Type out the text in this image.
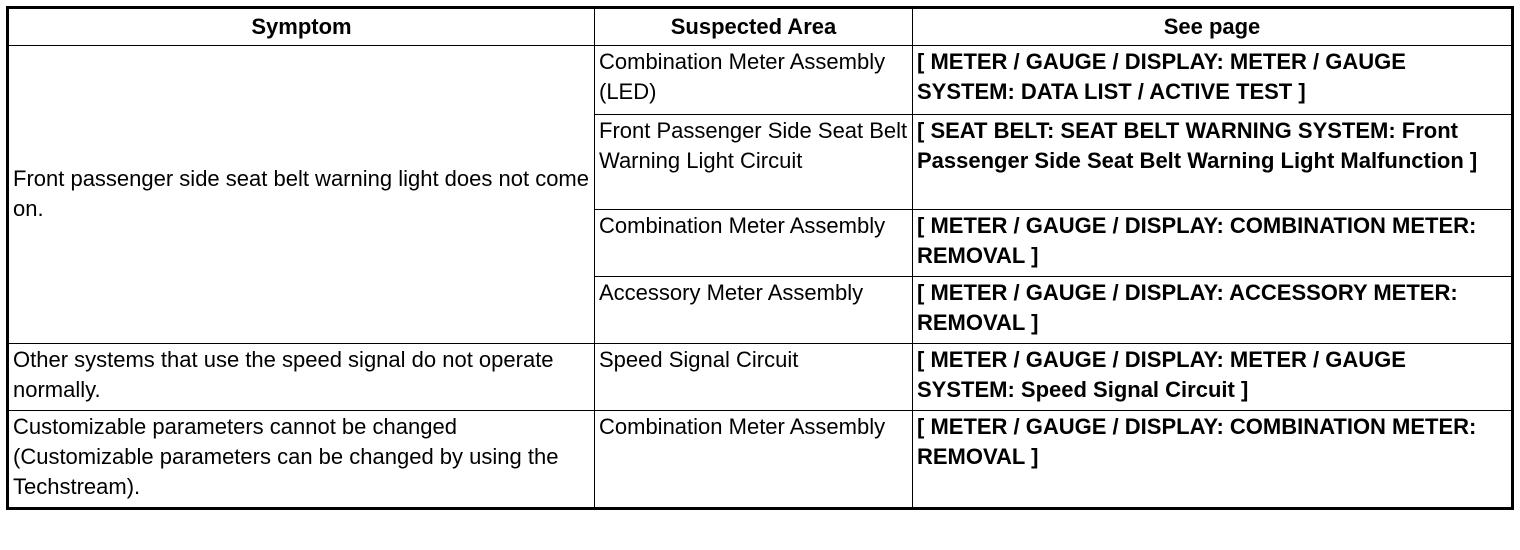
Symptom	Suspected Area	See page
Front passenger side seat belt warning light does not come on.	Combination Meter Assembly (LED)	[ METER / GAUGE / DISPLAY: METER / GAUGE SYSTEM: DATA LIST / ACTIVE TEST ]
	Front Passenger Side Seat Belt Warning Light Circuit	[ SEAT BELT: SEAT BELT WARNING SYSTEM: Front Passenger Side Seat Belt Warning Light Malfunction ]
	Combination Meter Assembly	[ METER / GAUGE / DISPLAY: COMBINATION METER: REMOVAL ]
	Accessory Meter Assembly	[ METER / GAUGE / DISPLAY: ACCESSORY METER: REMOVAL ]
Other systems that use the speed signal do not operate normally.	Speed Signal Circuit	[ METER / GAUGE / DISPLAY: METER / GAUGE SYSTEM: Speed Signal Circuit ]
Customizable parameters cannot be changed (Customizable parameters can be changed by using the Techstream).	Combination Meter Assembly	[ METER / GAUGE / DISPLAY: COMBINATION METER: REMOVAL ]
